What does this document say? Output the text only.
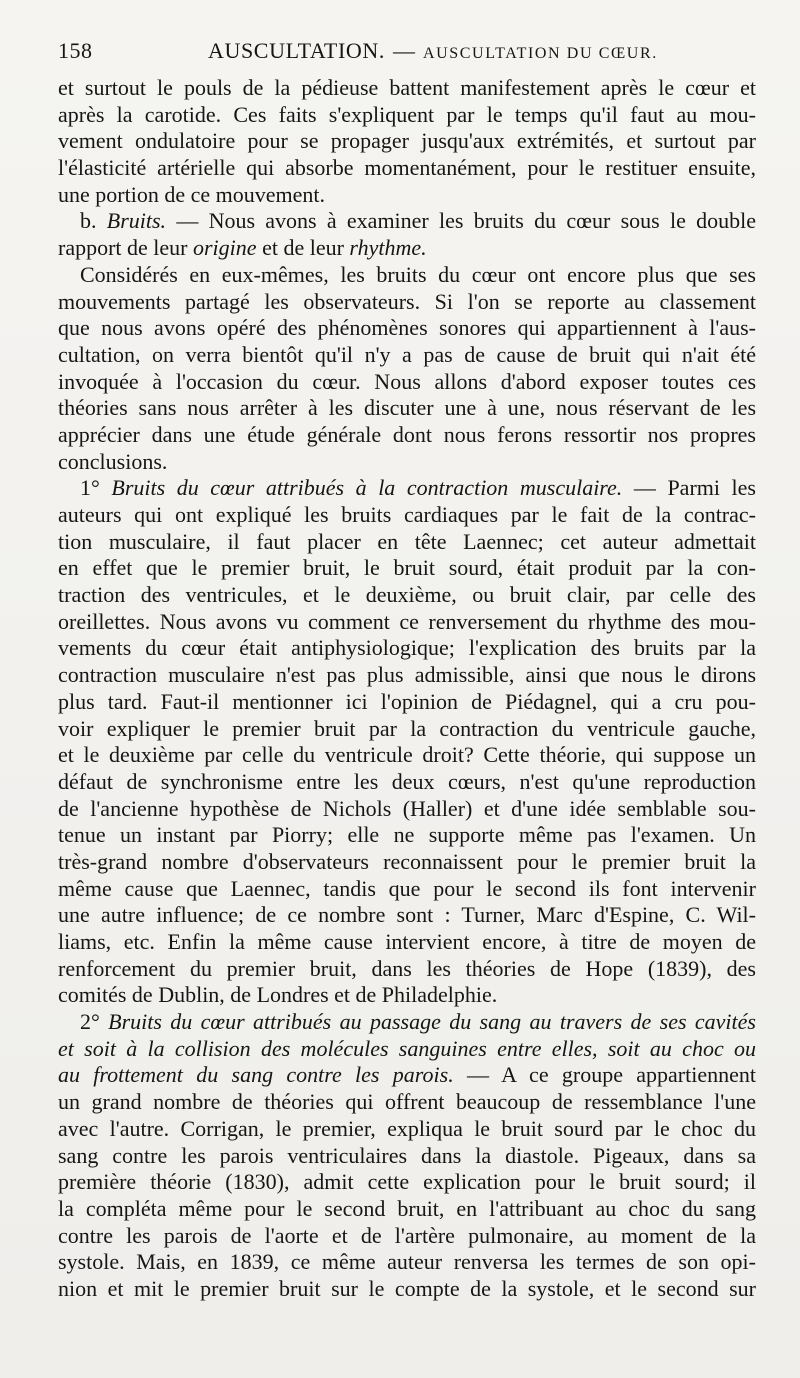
158	AUSCULTATION. — AUSCULTATION DU CŒUR.
et surtout le pouls de la pédieuse battent manifestement après le cœur et
après la carotide. Ces faits s'expliquent par le temps qu'il faut au mou-
vement ondulatoire pour se propager jusqu'aux extrémités, et surtout par
l'élasticité artérielle qui absorbe momentanément, pour le restituer ensuite,
une portion de ce mouvement.
b. Bruits. — Nous avons à examiner les bruits du cœur sous le double
rapport de leur origine et de leur rhythme.
Considérés en eux-mêmes, les bruits du cœur ont encore plus que ses
mouvements partagé les observateurs. Si l'on se reporte au classement
que nous avons opéré des phénomènes sonores qui appartiennent à l'aus-
cultation, on verra bientôt qu'il n'y a pas de cause de bruit qui n'ait été
invoquée à l'occasion du cœur. Nous allons d'abord exposer toutes ces
théories sans nous arrêter à les discuter une à une, nous réservant de les
apprécier dans une étude générale dont nous ferons ressortir nos propres
conclusions.
1° Bruits du cœur attribués à la contraction musculaire. — Parmi les
auteurs qui ont expliqué les bruits cardiaques par le fait de la contrac-
tion musculaire, il faut placer en tête Laennec; cet auteur admettait
en effet que le premier bruit, le bruit sourd, était produit par la con-
traction des ventricules, et le deuxième, ou bruit clair, par celle des
oreillettes. Nous avons vu comment ce renversement du rhythme des mou-
vements du cœur était antiphysiologique; l'explication des bruits par la
contraction musculaire n'est pas plus admissible, ainsi que nous le dirons
plus tard. Faut-il mentionner ici l'opinion de Piédagnel, qui a cru pou-
voir expliquer le premier bruit par la contraction du ventricule gauche,
et le deuxième par celle du ventricule droit? Cette théorie, qui suppose un
défaut de synchronisme entre les deux cœurs, n'est qu'une reproduction
de l'ancienne hypothèse de Nichols (Haller) et d'une idée semblable sou-
tenue un instant par Piorry; elle ne supporte même pas l'examen. Un
très-grand nombre d'observateurs reconnaissent pour le premier bruit la
même cause que Laennec, tandis que pour le second ils font intervenir
une autre influence; de ce nombre sont : Turner, Marc d'Espine, C. Wil-
liams, etc. Enfin la même cause intervient encore, à titre de moyen de
renforcement du premier bruit, dans les théories de Hope (1839), des
comités de Dublin, de Londres et de Philadelphie.
2° Bruits du cœur attribués au passage du sang au travers de ses cavités
et soit à la collision des molécules sanguines entre elles, soit au choc ou
au frottement du sang contre les parois. — A ce groupe appartiennent
un grand nombre de théories qui offrent beaucoup de ressemblance l'une
avec l'autre. Corrigan, le premier, expliqua le bruit sourd par le choc du
sang contre les parois ventriculaires dans la diastole. Pigeaux, dans sa
première théorie (1830), admit cette explication pour le bruit sourd; il
la compléta même pour le second bruit, en l'attribuant au choc du sang
contre les parois de l'aorte et de l'artère pulmonaire, au moment de la
systole. Mais, en 1839, ce même auteur renversa les termes de son opi-
nion et mit le premier bruit sur le compte de la systole, et le second sur
